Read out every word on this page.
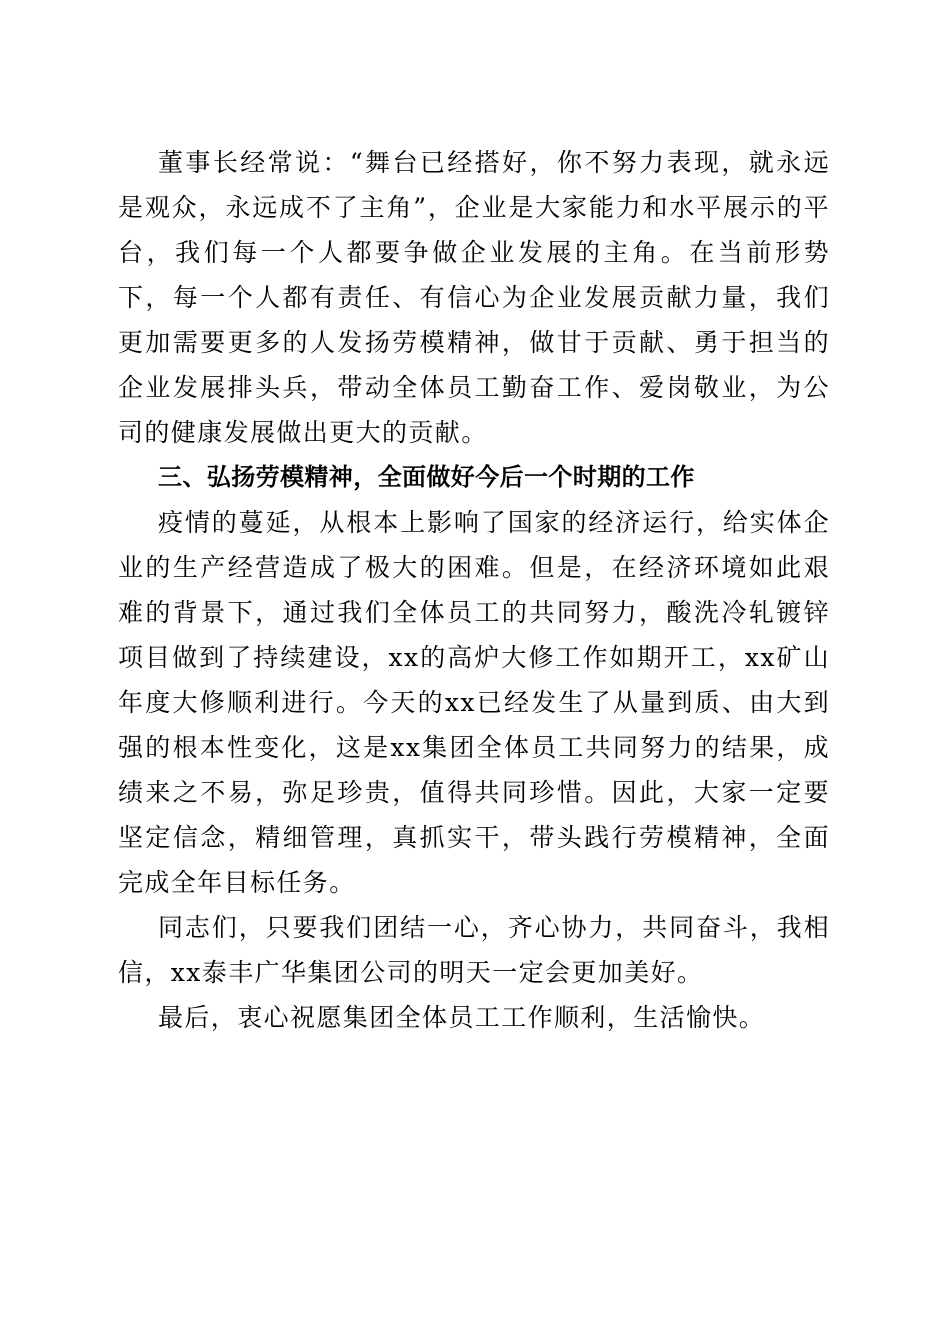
董事长经常说：“舞台已经搭好，你不努力表现，就永远是观众，永远成不了主角”，企业是大家能力和水平展示的平台，我们每一个人都要争做企业发展的主角。在当前形势下，每一个人都有责任、有信心为企业发展贡献力量，我们更加需要更多的人发扬劳模精神，做甘于贡献、勇于担当的企业发展排头兵，带动全体员工勤奋工作、爱岗敬业，为公司的健康发展做出更大的贡献。

三、弘扬劳模精神，全面做好今后一个时期的工作

疫情的蔓延，从根本上影响了国家的经济运行，给实体企业的生产经营造成了极大的困难。但是，在经济环境如此艰难的背景下，通过我们全体员工的共同努力，酸洗冷轧镀锌项目做到了持续建设，xx的高炉大修工作如期开工，xx矿山年度大修顺利进行。今天的xx已经发生了从量到质、由大到强的根本性变化，这是xx集团全体员工共同努力的结果，成绩来之不易，弥足珍贵，值得共同珍惜。因此，大家一定要坚定信念，精细管理，真抓实干，带头践行劳模精神，全面完成全年目标任务。

同志们，只要我们团结一心，齐心协力，共同奋斗，我相信，xx泰丰广华集团公司的明天一定会更加美好。

最后，衷心祝愿集团全体员工工作顺利，生活愉快。
